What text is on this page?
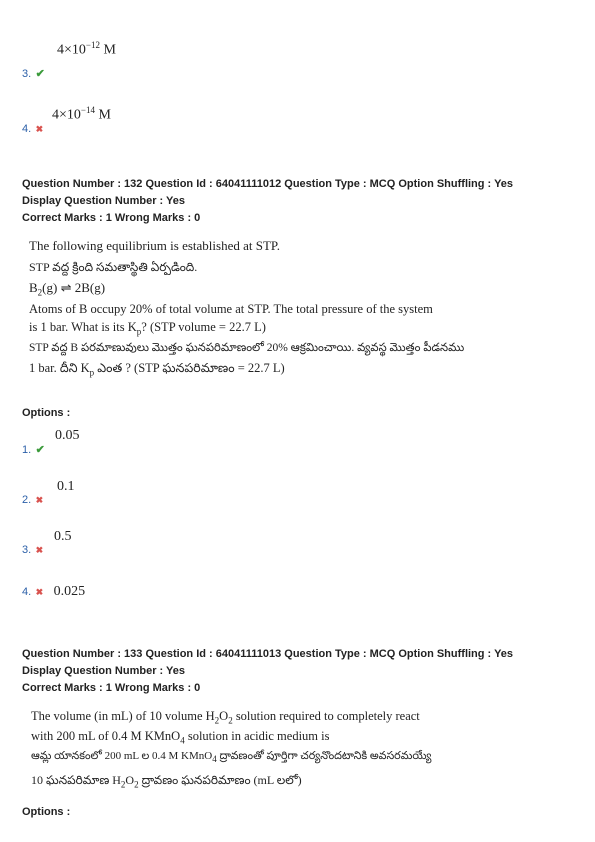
$4\times 10^{-12}$ M
3. ✔
$4\times 10^{-14}$ M
4. ✖
Question Number : 132 Question Id : 64041111012 Question Type : MCQ Option Shuffling : Yes
Display Question Number : Yes
Correct Marks : 1 Wrong Marks : 0
The following equilibrium is established at STP.
STP వద్ద క్రింది సమతాస్థితి ఏర్పడింది.
$B_2(g)$ ⇌ 2B(g)
Atoms of B occupy 20% of total volume at STP. The total pressure of the system
is 1 bar. What is its $K_p$? (STP volume = 22.7 L)
STP వద్ద B పరమాణువులు మొత్తం ఘనపరిమాణంలో 20% ఆక్రమించాయి. వ్యవస్థ మొత్తం పీడనము
1 bar. దీని $K_p$ ఎంత ? (STP ఘనపరిమాణం = 22.7 L)
Options :
0.05
1. ✔
0.1
2. ✖
0.5
3. ✖
4. ✖ 0.025
Question Number : 133 Question Id : 64041111013 Question Type : MCQ Option Shuffling : Yes
Display Question Number : Yes
Correct Marks : 1 Wrong Marks : 0
The volume (in mL) of 10 volume $H_2O_2$ solution required to completely react
with 200 mL of 0.4 M KMnO$_4$ solution in acidic medium is
ఆమ్ల యానకంలో 200 mL ల 0.4 M KMnO$_4$ ద్రావణంతో పూర్తిగా చర్యనొందటానికి అవసరమయ్యే
10 ఘనపరిమాణ $H_2O_2$ ద్రావణం ఘనపరిమాణం (mL లలో)
Options :
